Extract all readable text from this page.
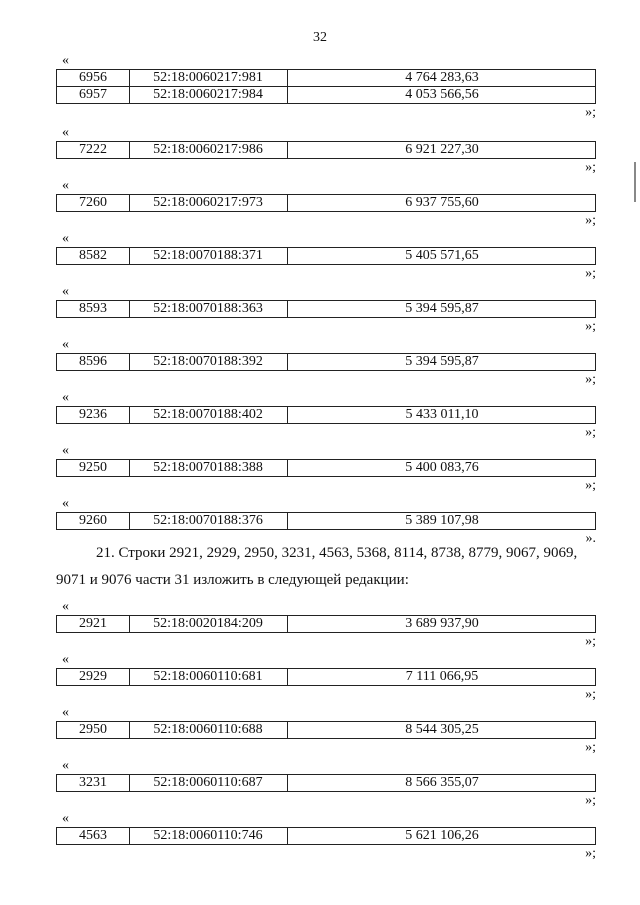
32
«
6956	52:18:0060217:981	4 764 283,63
6957	52:18:0060217:984	4 053 566,56
»;
«
7222	52:18:0060217:986	6 921 227,30
»;
«
7260	52:18:0060217:973	6 937 755,60
»;
«
8582	52:18:0070188:371	5 405 571,65
»;
«
8593	52:18:0070188:363	5 394 595,87
»;
«
8596	52:18:0070188:392	5 394 595,87
»;
«
9236	52:18:0070188:402	5 433 011,10
»;
«
9250	52:18:0070188:388	5 400 083,76
»;
«
9260	52:18:0070188:376	5 389 107,98
».
21. Строки 2921, 2929, 2950, 3231, 4563, 5368, 8114, 8738, 8779, 9067, 9069,
9071 и 9076 части 31 изложить в следующей редакции:
«
2921	52:18:0020184:209	3 689 937,90
»;
«
2929	52:18:0060110:681	7 111 066,95
»;
«
2950	52:18:0060110:688	8 544 305,25
»;
«
3231	52:18:0060110:687	8 566 355,07
»;
«
4563	52:18:0060110:746	5 621 106,26
»;
